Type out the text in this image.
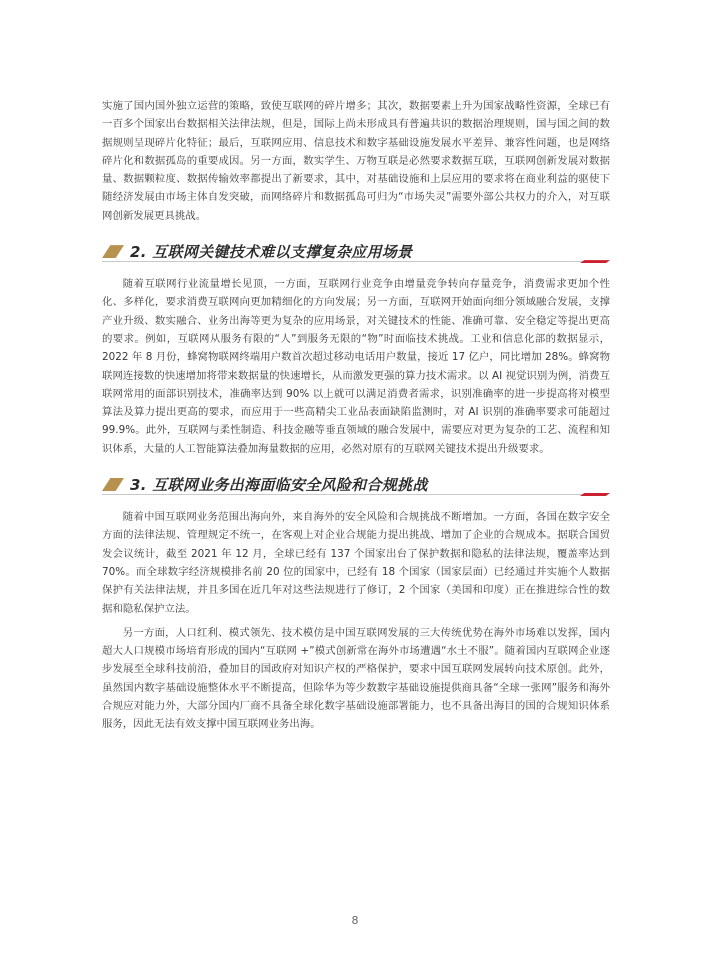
实施了国内国外独立运营的策略，致使互联网的碎片增多；其次，数据要素上升为国家战略性资源，全球已有一百多个国家出台数据相关法律法规，但是，国际上尚未形成具有普遍共识的数据治理规则，国与国之间的数据规则呈现碎片化特征；最后，互联网应用、信息技术和数字基础设施发展水平差异、兼容性问题，也是网络碎片化和数据孤岛的重要成因。另一方面，数实学生、万物互联是必然要求数据互联，互联网创新发展对数据量、数据颗粒度、数据传输效率都提出了新要求，其中，对基础设施和上层应用的要求将在商业利益的驱使下随经济发展由市场主体自发突破，而网络碎片和数据孤岛可归为“市场失灵”需要外部公共权力的介入，对互联网创新发展更具挑战。

2. 互联网关键技术难以支撑复杂应用场景

随着互联网行业流量增长见顶，一方面，互联网行业竞争由增量竞争转向存量竞争，消费需求更加个性化、多样化，要求消费互联网向更加精细化的方向发展；另一方面，互联网开始面向细分领域融合发展，支撑产业升级、数实融合、业务出海等更为复杂的应用场景，对关键技术的性能、准确可靠、安全稳定等提出更高的要求。例如，互联网从服务有限的“人”到服务无限的“物”时面临技术挑战。工业和信息化部的数据显示，2022 年 8 月份，蜂窝物联网终端用户数首次超过移动电话用户数量，接近 17 亿户，同比增加 28%。蜂窝物联网连接数的快速增加将带来数据量的快速增长，从而激发更强的算力技术需求。以 AI 视觉识别为例，消费互联网常用的面部识别技术，准确率达到 90% 以上就可以满足消费者需求，识别准确率的进一步提高将对模型算法及算力提出更高的要求，而应用于一些高精尖工业品表面缺陷监测时，对 AI 识别的准确率要求可能超过 99.9%。此外，互联网与柔性制造、科技金融等垂直领域的融合发展中，需要应对更为复杂的工艺、流程和知识体系，大量的人工智能算法叠加海量数据的应用，必然对原有的互联网关键技术提出升级要求。

3. 互联网业务出海面临安全风险和合规挑战

随着中国互联网业务范围出海向外，来自海外的安全风险和合规挑战不断增加。一方面，各国在数字安全方面的法律法规、管理规定不统一，在客观上对企业合规能力提出挑战、增加了企业的合规成本。据联合国贸发会议统计，截至 2021 年 12 月，全球已经有 137 个国家出台了保护数据和隐私的法律法规，覆盖率达到 70%。而全球数字经济规模排名前 20 位的国家中，已经有 18 个国家（国家层面）已经通过并实施个人数据保护有关法律法规，并且多国在近几年对这些法规进行了修订，2 个国家（美国和印度）正在推进综合性的数据和隐私保护立法。

另一方面，人口红利、模式领先、技术模仿是中国互联网发展的三大传统优势在海外市场难以发挥，国内超大人口规模市场培育形成的国内“互联网 +”模式创新常在海外市场遭遇“水土不服”。随着国内互联网企业逐步发展至全球科技前沿，叠加目的国政府对知识产权的严格保护，要求中国互联网发展转向技术原创。此外，虽然国内数字基础设施整体水平不断提高，但除华为等少数数字基础设施提供商具备“全球一张网”服务和海外合规应对能力外，大部分国内厂商不具备全球化数字基础设施部署能力，也不具备出海目的国的合规知识体系服务，因此无法有效支撑中国互联网业务出海。

8
